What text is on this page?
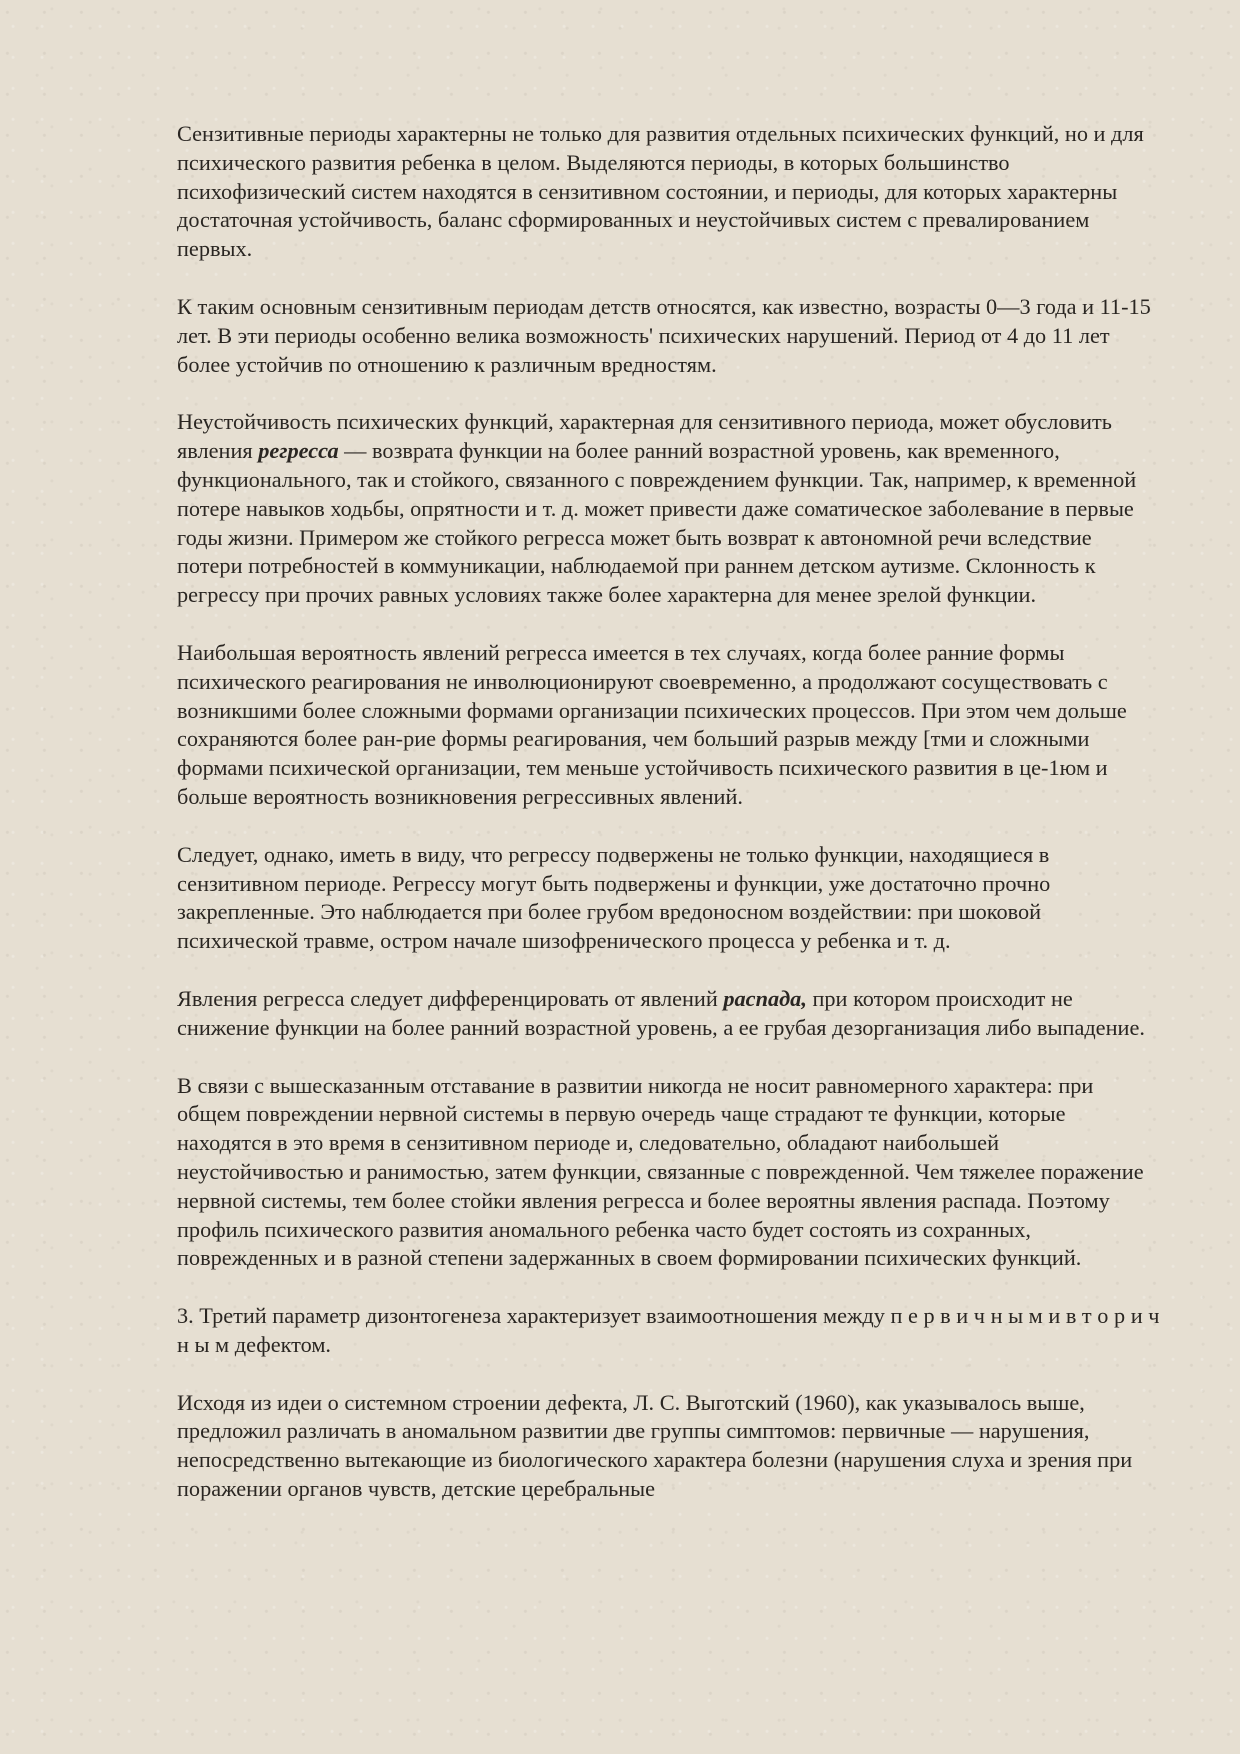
Сензитивные периоды характерны не только для развития отдельных психических функций, но и для психического развития ребенка в целом. Выделяются периоды, в которых большинство психофизический систем находятся в сензитивном состоянии, и периоды, для которых характерны достаточная устойчивость, баланс сформированных и неустойчивых систем с превалированием первых.

К таким основным сензитивным периодам детств относятся, как известно, возрасты 0—3 года и 11-15 лет. В эти периоды особенно велика возможность' психических нарушений. Период от 4 до 11 лет более устойчив по отношению к различным вредностям.

Неустойчивость психических функций, характерная для сензитивного периода, может обусловить явления регресса — возврата функции на более ранний возрастной уровень, как временного, функционального, так и стойкого, связанного с повреждением функции. Так, например, к временной потере навыков ходьбы, опрятности и т. д. может привести даже соматическое заболевание в первые годы жизни. Примером же стойкого регресса может быть возврат к автономной речи вследствие потери потребностей в коммуникации, наблюдаемой при раннем детском аутизме. Склонность к регрессу при прочих равных условиях также более характерна для менее зрелой функции.

Наибольшая вероятность явлений регресса имеется в тех случаях, когда более ранние формы психического реагирования не инволюционируют своевременно, а продолжают сосуществовать с возникшими более сложными формами организации психических процессов. При этом чем дольше сохраняются более ран-рие формы реагирования, чем больший разрыв между [тми и сложными формами психической организации, тем меньше устойчивость психического развития в це-1юм и больше вероятность возникновения регрессивных явлений.

Следует, однако, иметь в виду, что регрессу подвержены не только функции, находящиеся в сензитивном периоде. Регрессу могут быть подвержены и функции, уже достаточно прочно закрепленные. Это наблюдается при более грубом вредоносном воздействии: при шоковой психической травме, остром начале шизофренического процесса у ребенка и т. д.

Явления регресса следует дифференцировать от явлений распада, при котором происходит не снижение функции на более ранний возрастной уровень, а ее грубая дезорганизация либо выпадение.

В связи с вышесказанным отставание в развитии никогда не носит равномерного характера: при общем повреждении нервной системы в первую очередь чаще страдают те функции, которые находятся в это время в сензитивном периоде и, следовательно, обладают наибольшей неустойчивостью и ранимостью, затем функции, связанные с поврежденной. Чем тяжелее поражение нервной системы, тем более стойки явления регресса и более вероятны явления распада. Поэтому профиль психического развития аномального ребенка часто будет состоять из сохранных, поврежденных и в разной степени задержанных в своем формировании психических функций.

3. Третий параметр дизонтогенеза характеризует взаимоотношения между п е р в и ч н ы м и в т о р и ч н ы м дефектом.

Исходя из идеи о системном строении дефекта, Л. С. Выготский (1960), как указывалось выше, предложил различать в аномальном развитии две группы симптомов: первичные — нарушения, непосредственно вытекающие из биологического характера болезни (нарушения слуха и зрения при поражении органов чувств, детские церебральные
